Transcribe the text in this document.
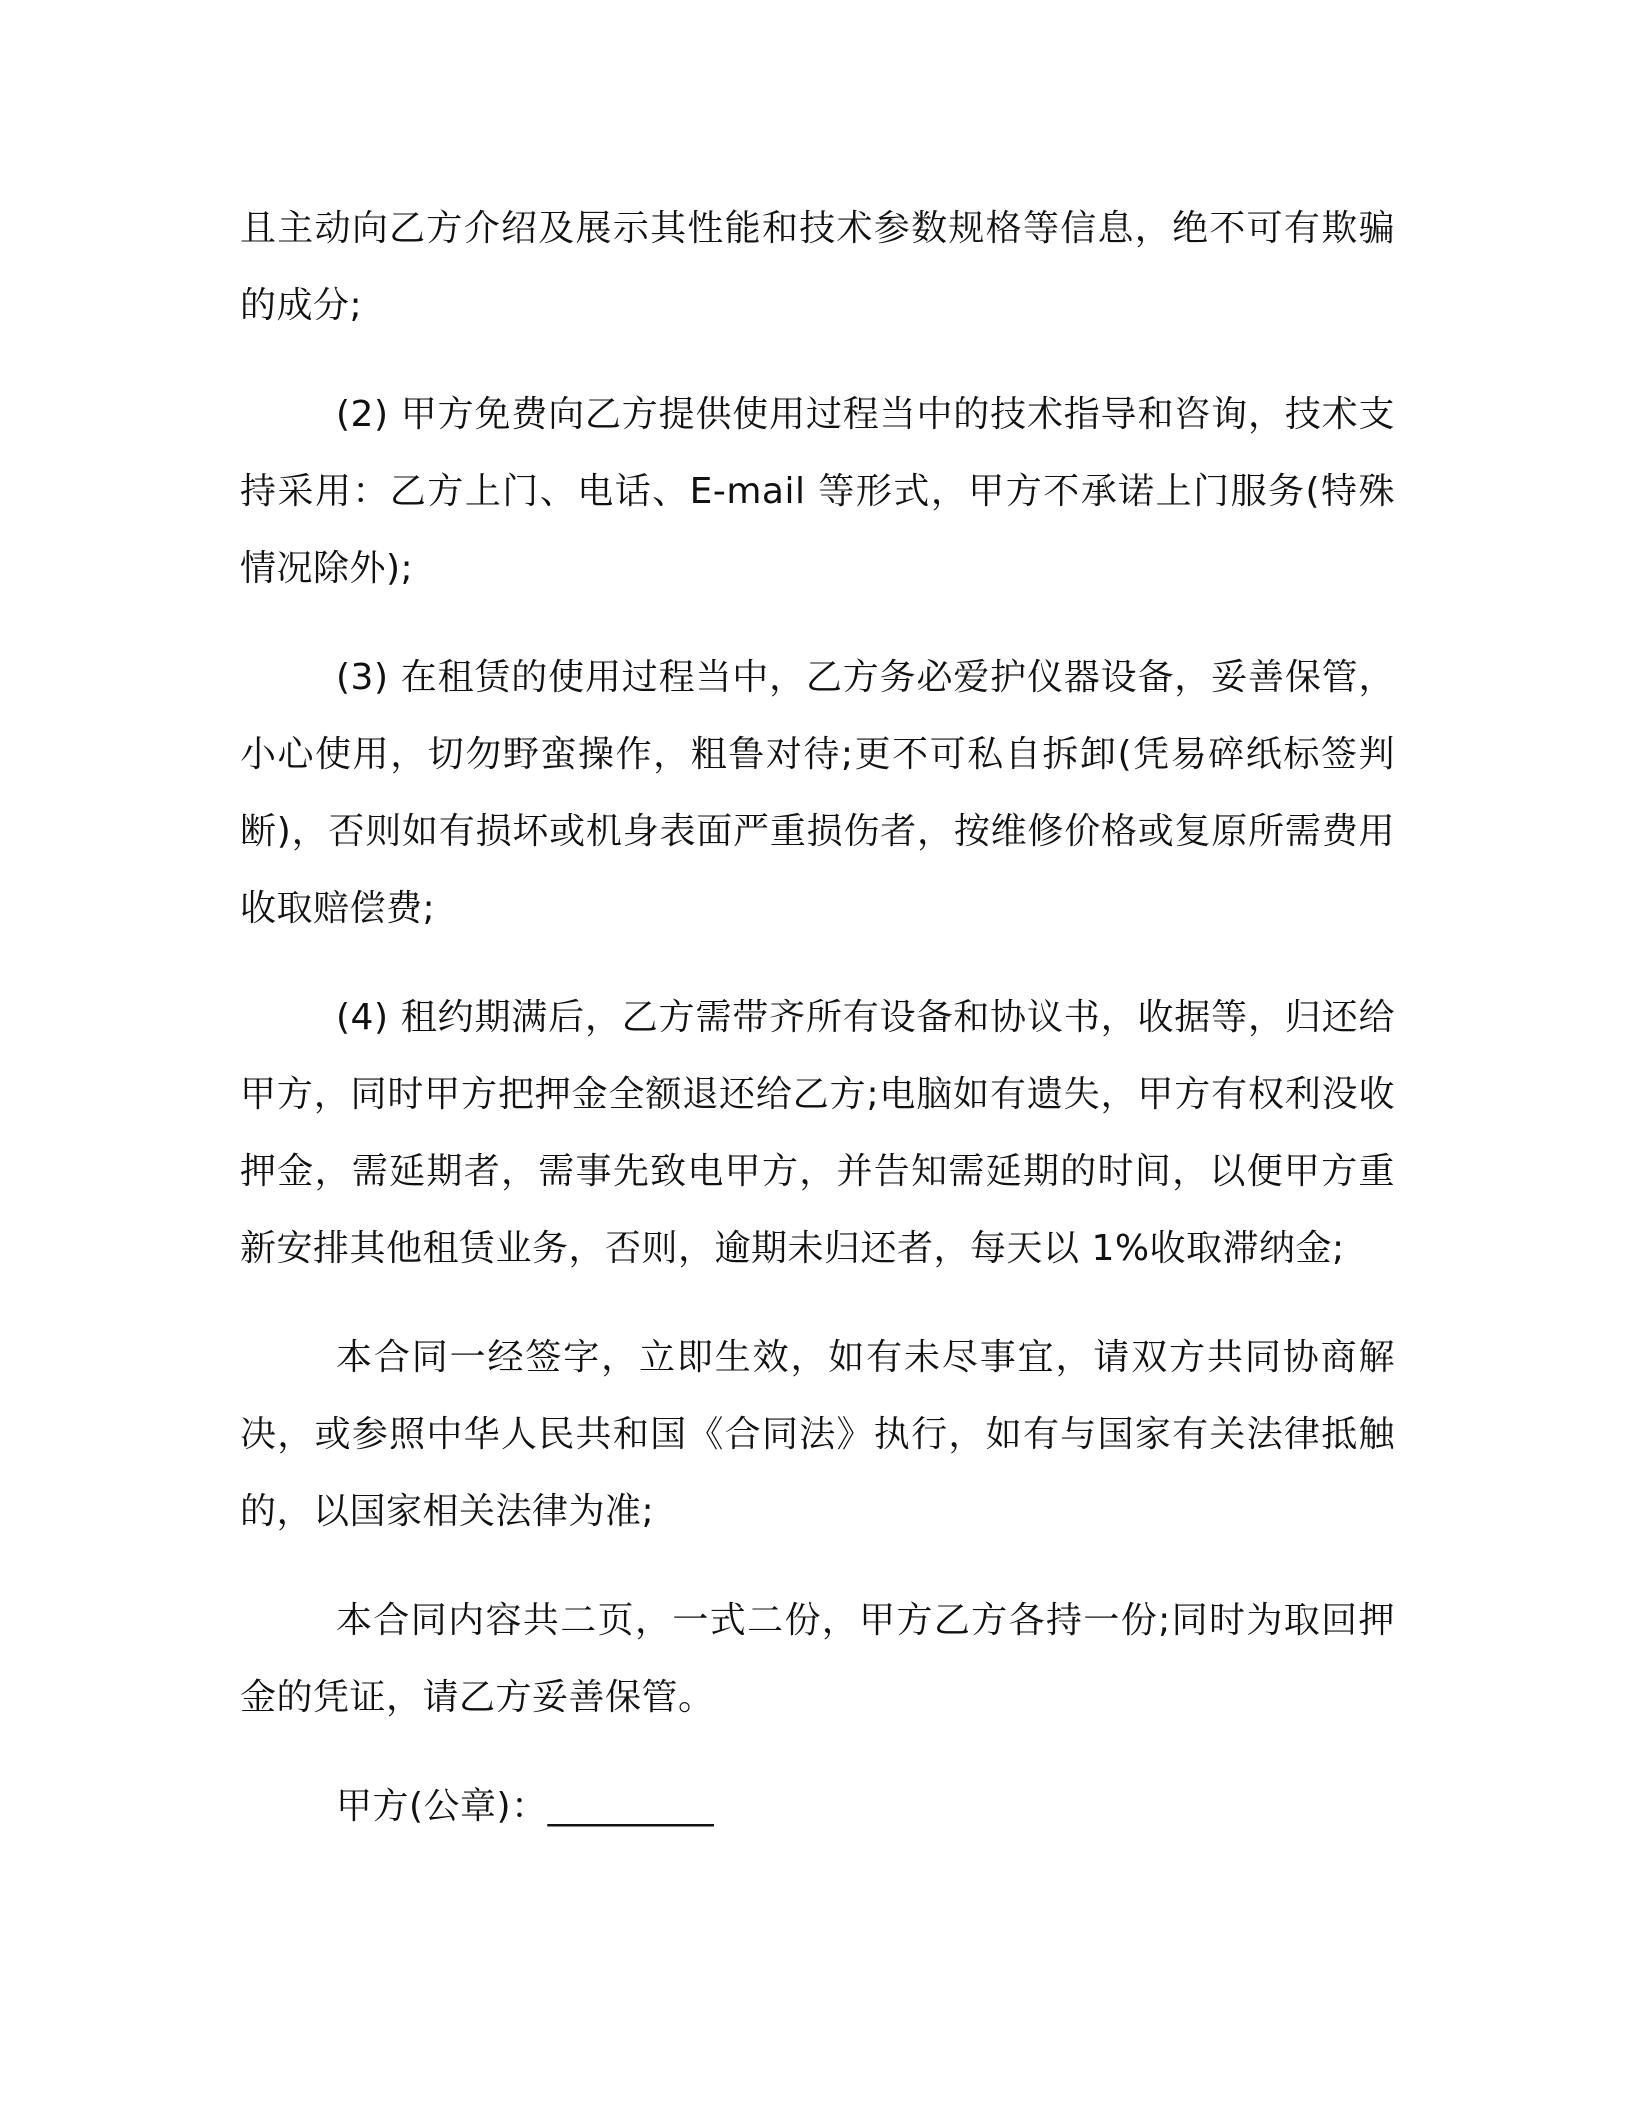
且主动向乙方介绍及展示其性能和技术参数规格等信息，绝不可有欺骗的成分;

(2) 甲方免费向乙方提供使用过程当中的技术指导和咨询，技术支持采用：乙方上门、电话、E-mail 等形式，甲方不承诺上门服务(特殊情况除外);

(3) 在租赁的使用过程当中，乙方务必爱护仪器设备，妥善保管，小心使用，切勿野蛮操作，粗鲁对待;更不可私自拆卸(凭易碎纸标签判断)，否则如有损坏或机身表面严重损伤者，按维修价格或复原所需费用收取赔偿费;

(4) 租约期满后，乙方需带齐所有设备和协议书，收据等，归还给甲方，同时甲方把押金全额退还给乙方;电脑如有遗失，甲方有权利没收押金，需延期者，需事先致电甲方，并告知需延期的时间，以便甲方重新安排其他租赁业务，否则，逾期未归还者，每天以 1%收取滞纳金;

本合同一经签字，立即生效，如有未尽事宜，请双方共同协商解决，或参照中华人民共和国《合同法》执行，如有与国家有关法律抵触的，以国家相关法律为准;

本合同内容共二页，一式二份，甲方乙方各持一份;同时为取回押金的凭证，请乙方妥善保管。

甲方(公章)：_________
